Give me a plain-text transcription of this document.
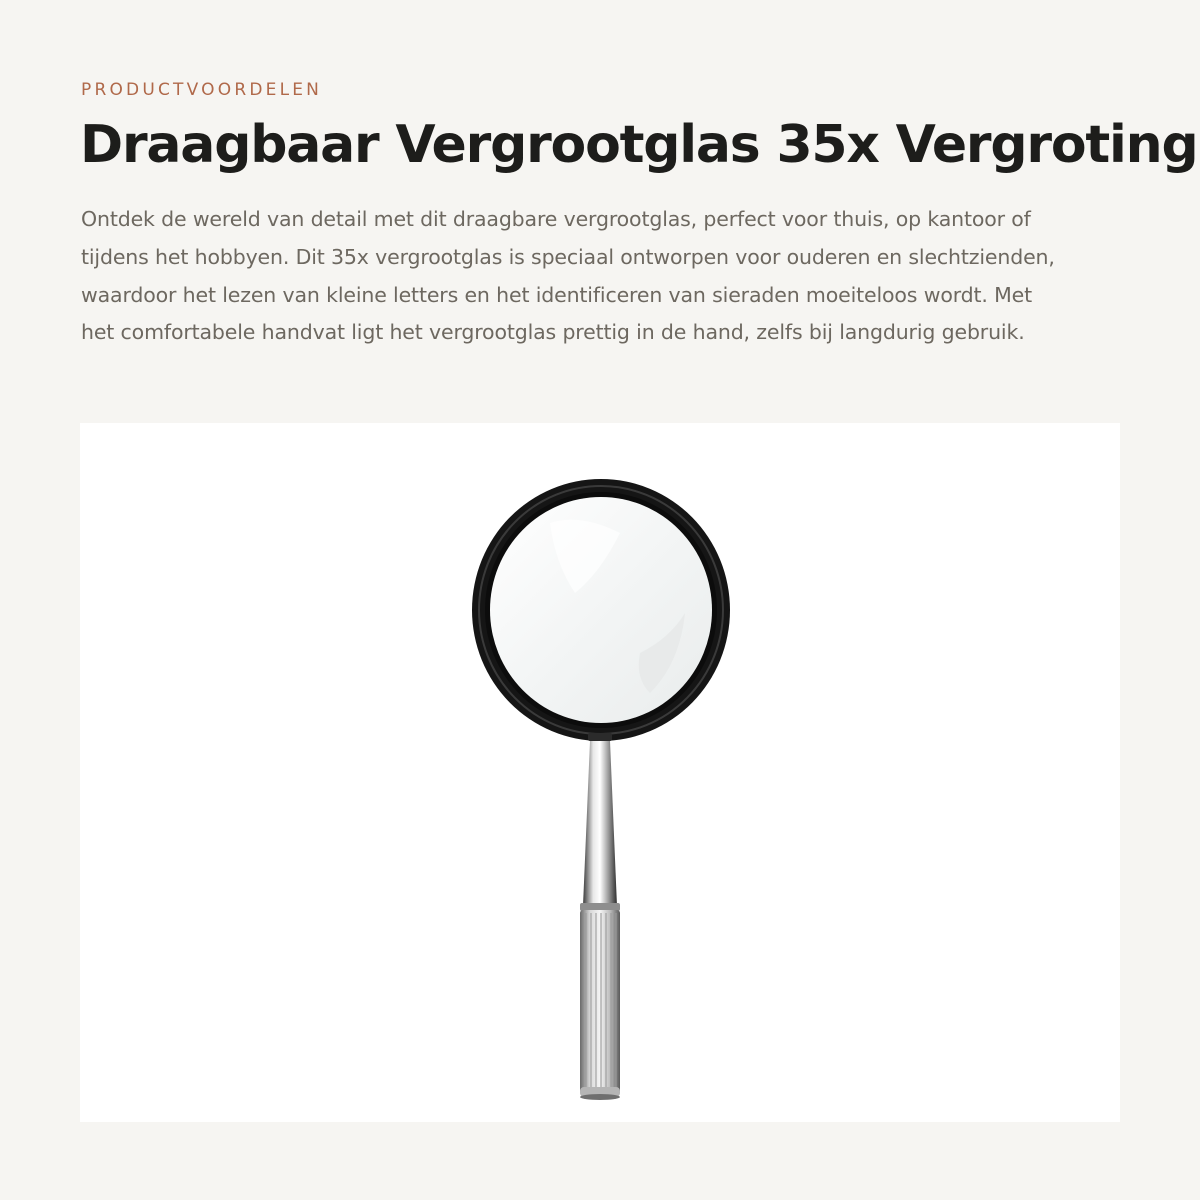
PRODUCTVOORDELEN
Draagbaar Vergrootglas 35x Vergroting

Ontdek de wereld van detail met dit draagbare vergrootglas, perfect voor thuis, op kantoor of tijdens het hobbyen. Dit 35x vergrootglas is speciaal ontworpen voor ouderen en slechtzienden, waardoor het lezen van kleine letters en het identificeren van sieraden moeiteloos wordt. Met het comfortabele handvat ligt het vergrootglas prettig in de hand, zelfs bij langdurig gebruik.
